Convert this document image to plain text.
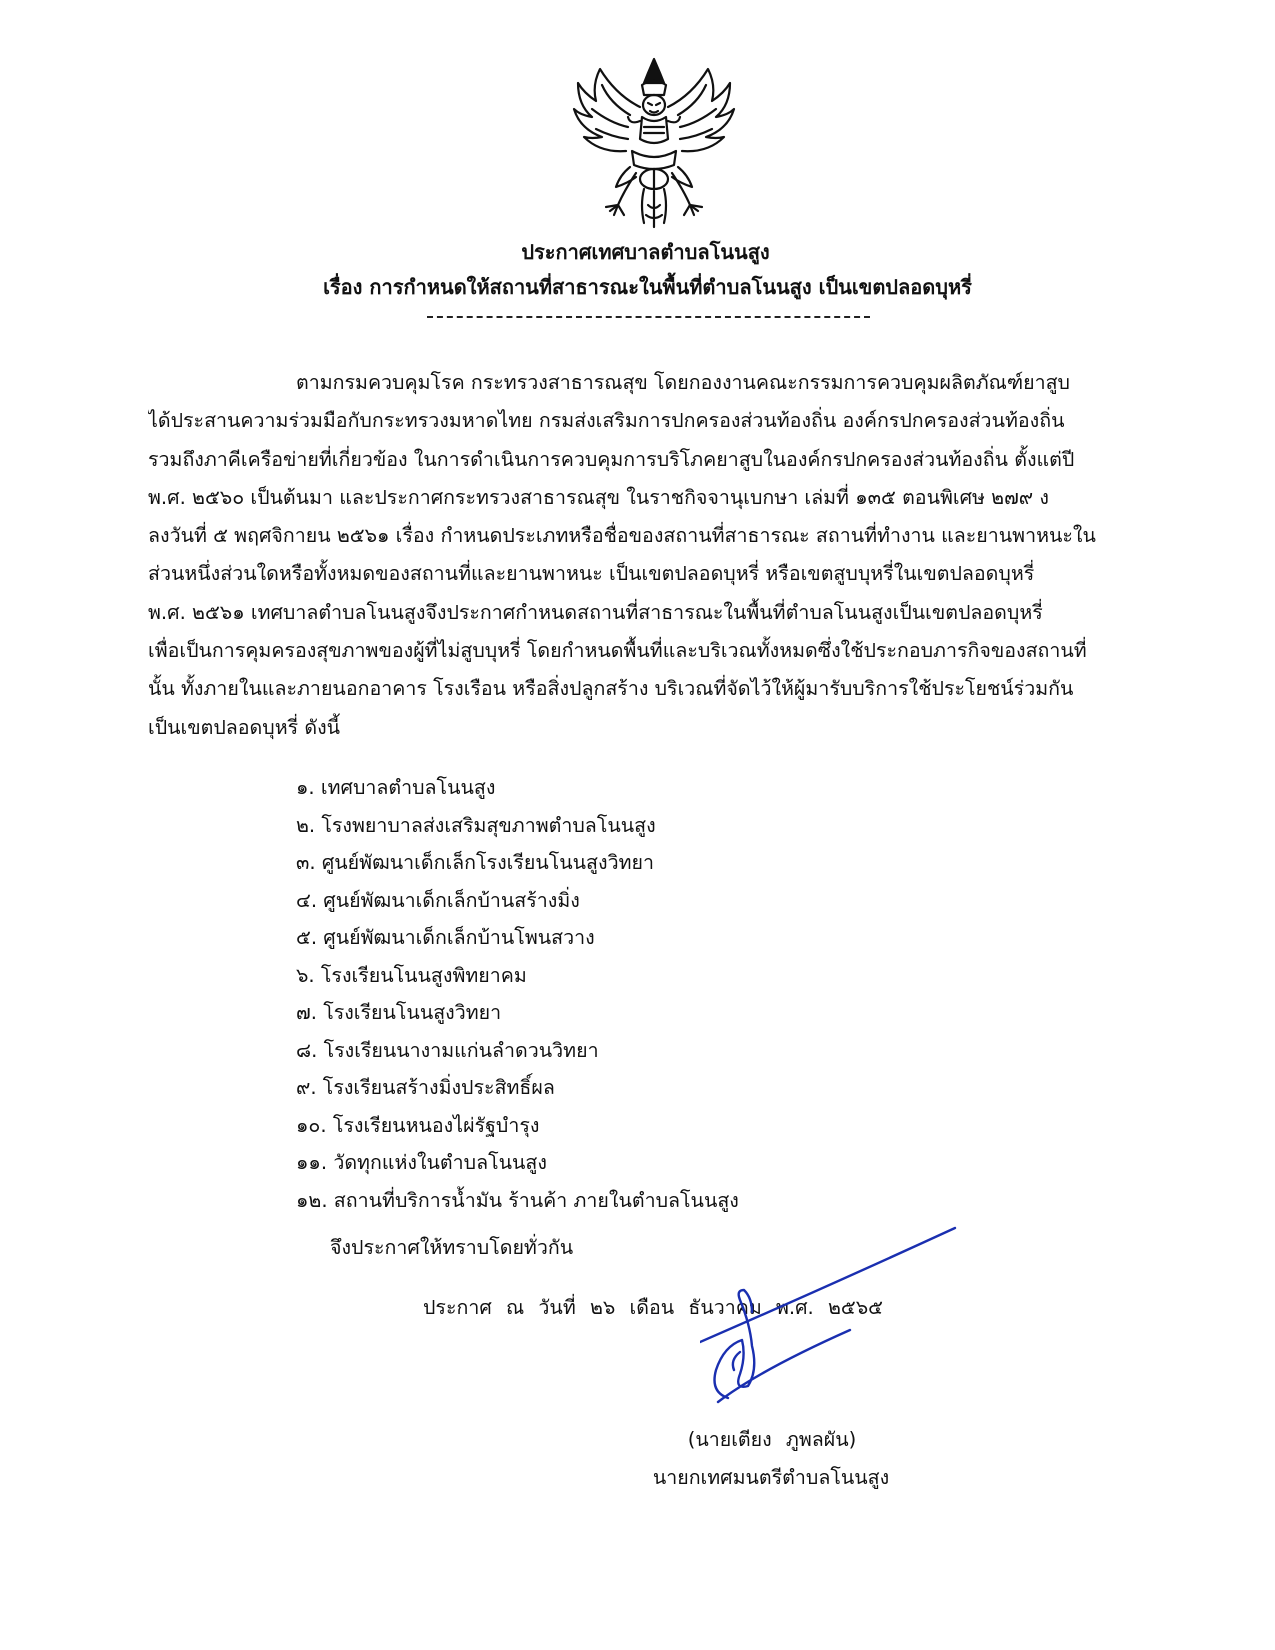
ประกาศเทศบาลตำบลโนนสูง
เรื่อง การกำหนดให้สถานที่สาธารณะในพื้นที่ตำบลโนนสูง เป็นเขตปลอดบุหรี่
ตามกรมควบคุมโรค กระทรวงสาธารณสุข โดยกองงานคณะกรรมการควบคุมผลิตภัณฑ์ยาสูบ
ได้ประสานความร่วมมือกับกระทรวงมหาดไทย กรมส่งเสริมการปกครองส่วนท้องถิ่น องค์กรปกครองส่วนท้องถิ่น
รวมถึงภาคีเครือข่ายที่เกี่ยวข้อง ในการดำเนินการควบคุมการบริโภคยาสูบในองค์กรปกครองส่วนท้องถิ่น ตั้งแต่ปี
พ.ศ. ๒๕๖๐ เป็นต้นมา และประกาศกระทรวงสาธารณสุข ในราชกิจจานุเบกษา เล่มที่ ๑๓๕ ตอนพิเศษ ๒๗๙ ง
ลงวันที่ ๕ พฤศจิกายน ๒๕๖๑ เรื่อง กำหนดประเภทหรือชื่อของสถานที่สาธารณะ สถานที่ทำงาน และยานพาหนะใน
ส่วนหนึ่งส่วนใดหรือทั้งหมดของสถานที่และยานพาหนะ เป็นเขตปลอดบุหรี่ หรือเขตสูบบุหรี่ในเขตปลอดบุหรี่
พ.ศ. ๒๕๖๑ เทศบาลตำบลโนนสูงจึงประกาศกำหนดสถานที่สาธารณะในพื้นที่ตำบลโนนสูงเป็นเขตปลอดบุหรี่
เพื่อเป็นการคุมครองสุขภาพของผู้ที่ไม่สูบบุหรี่ โดยกำหนดพื้นที่และบริเวณทั้งหมดซึ่งใช้ประกอบภารกิจของสถานที่
นั้น ทั้งภายในและภายนอกอาคาร โรงเรือน หรือสิ่งปลูกสร้าง บริเวณที่จัดไว้ให้ผู้มารับบริการใช้ประโยชน์ร่วมกัน
เป็นเขตปลอดบุหรี่ ดังนี้
๑. เทศบาลตำบลโนนสูง
๒. โรงพยาบาลส่งเสริมสุขภาพตำบลโนนสูง
๓. ศูนย์พัฒนาเด็กเล็กโรงเรียนโนนสูงวิทยา
๔. ศูนย์พัฒนาเด็กเล็กบ้านสร้างมิ่ง
๕. ศูนย์พัฒนาเด็กเล็กบ้านโพนสวาง
๖. โรงเรียนโนนสูงพิทยาคม
๗. โรงเรียนโนนสูงวิทยา
๘. โรงเรียนนางามแก่นลำดวนวิทยา
๙. โรงเรียนสร้างมิ่งประสิทธิ์ผล
๑๐. โรงเรียนหนองไผ่รัฐบำรุง
๑๑. วัดทุกแห่งในตำบลโนนสูง
๑๒. สถานที่บริการน้ำมัน ร้านค้า ภายในตำบลโนนสูง
จึงประกาศให้ทราบโดยทั่วกัน
ประกาศ ณ วันที่ ๒๖ เดือน ธันวาคม พ.ศ. ๒๕๖๕
(นายเตียง ภูพลผัน)
นายกเทศมนตรีตำบลโนนสูง
